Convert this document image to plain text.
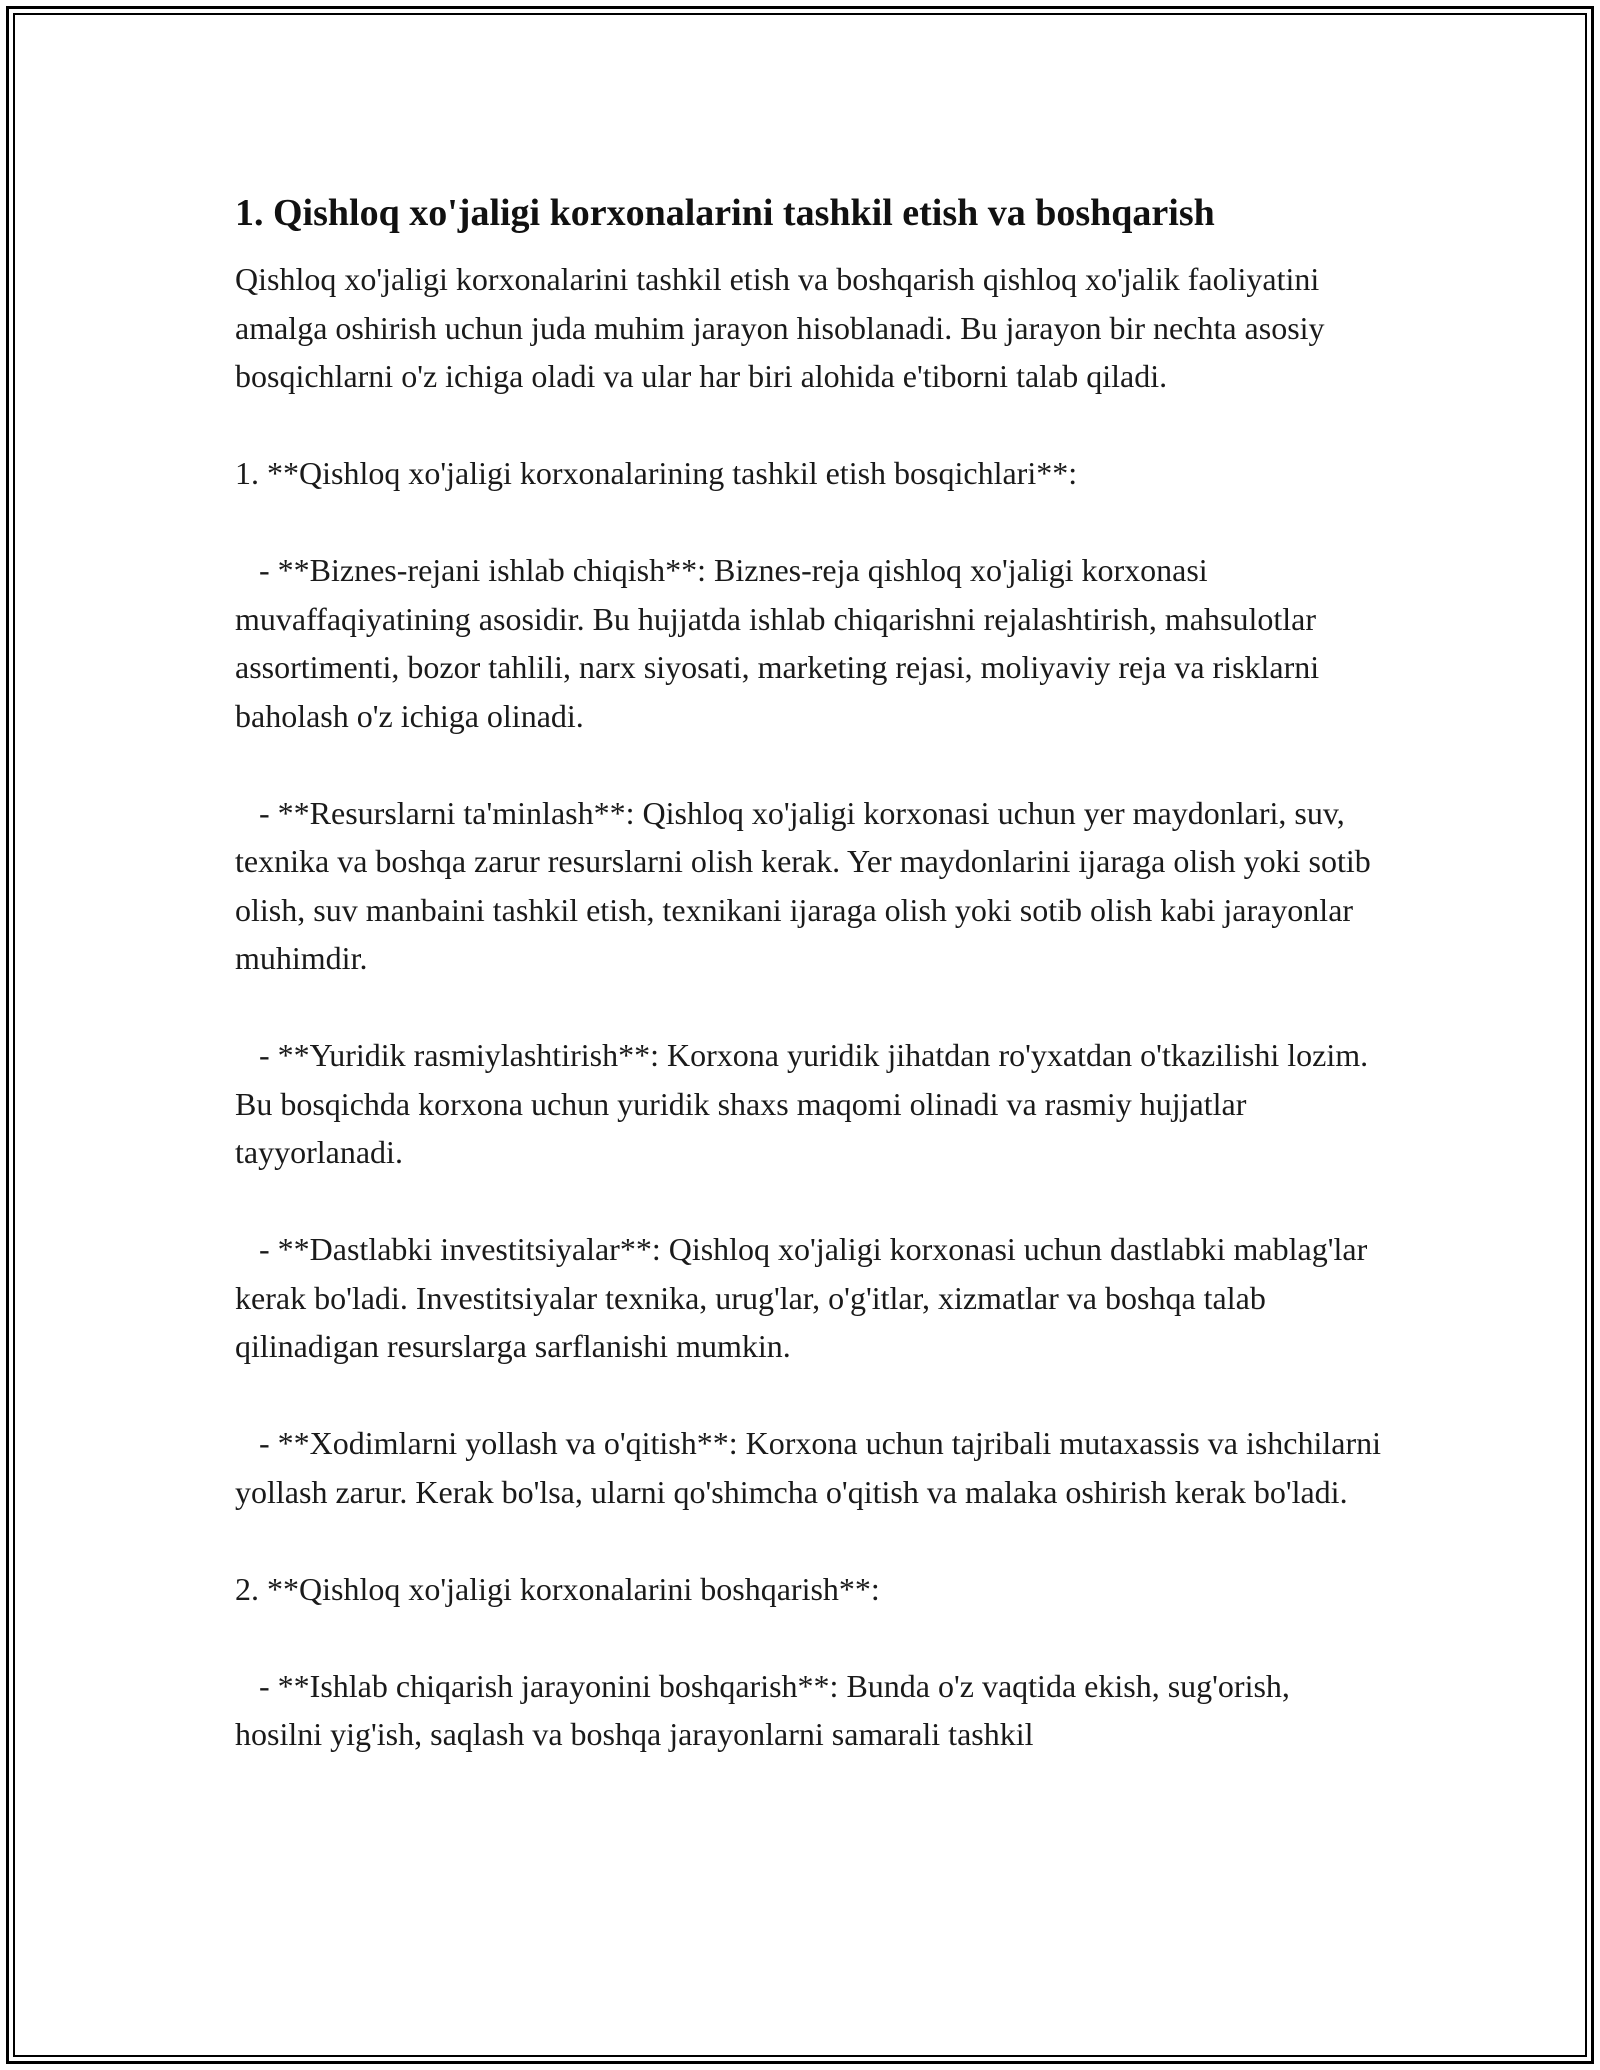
1. Qishloq xo'jaligi korxonalarini tashkil etish va boshqarish

Qishloq xo'jaligi korxonalarini tashkil etish va boshqarish qishloq xo'jalik faoliyatini amalga oshirish uchun juda muhim jarayon hisoblanadi. Bu jarayon bir nechta asosiy bosqichlarni o'z ichiga oladi va ular har biri alohida e'tiborni talab qiladi.

1. **Qishloq xo'jaligi korxonalarining tashkil etish bosqichlari**:

- **Biznes-rejani ishlab chiqish**: Biznes-reja qishloq xo'jaligi korxonasi muvaffaqiyatining asosidir. Bu hujjatda ishlab chiqarishni rejalashtirish, mahsulotlar assortimenti, bozor tahlili, narx siyosati, marketing rejasi, moliyaviy reja va risklarni baholash o'z ichiga olinadi.

- **Resurslarni ta'minlash**: Qishloq xo'jaligi korxonasi uchun yer maydonlari, suv, texnika va boshqa zarur resurslarni olish kerak. Yer maydonlarini ijaraga olish yoki sotib olish, suv manbaini tashkil etish, texnikani ijaraga olish yoki sotib olish kabi jarayonlar muhimdir.

- **Yuridik rasmiylashtirish**: Korxona yuridik jihatdan ro'yxatdan o'tkazilishi lozim. Bu bosqichda korxona uchun yuridik shaxs maqomi olinadi va rasmiy hujjatlar tayyorlanadi.

- **Dastlabki investitsiyalar**: Qishloq xo'jaligi korxonasi uchun dastlabki mablag'lar kerak bo'ladi. Investitsiyalar texnika, urug'lar, o'g'itlar, xizmatlar va boshqa talab qilinadigan resurslarga sarflanishi mumkin.

- **Xodimlarni yollash va o'qitish**: Korxona uchun tajribali mutaxassis va ishchilarni yollash zarur. Kerak bo'lsa, ularni qo'shimcha o'qitish va malaka oshirish kerak bo'ladi.

2. **Qishloq xo'jaligi korxonalarini boshqarish**:

- **Ishlab chiqarish jarayonini boshqarish**: Bunda o'z vaqtida ekish, sug'orish, hosilni yig'ish, saqlash va boshqa jarayonlarni samarali tashkil
